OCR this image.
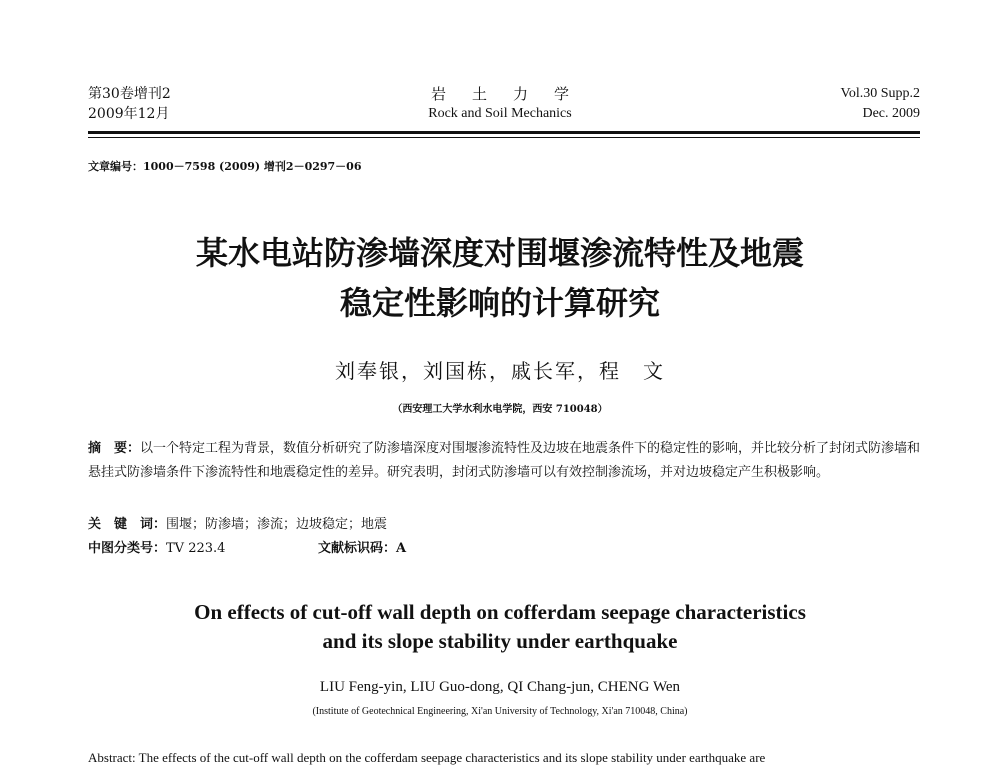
第30卷增刊2
2009年12月
岩土力学
Rock and Soil Mechanics
Vol.30 Supp.2
Dec. 2009
文章编号：1000－7598 (2009) 增刊2－0297－06
某水电站防渗墙深度对围堰渗流特性及地震
稳定性影响的计算研究
刘奉银，刘国栋，戚长军，程　文
（西安理工大学水利水电学院，西安 710048）
摘　要：以一个特定工程为背景，数值分析研究了防渗墙深度对围堰渗流特性及边坡在地震条件下的稳定性的影响，并比较分析了封闭式防渗墙和悬挂式防渗墙条件下渗流特性和地震稳定性的差异。研究表明，封闭式防渗墙可以有效控制渗流场，并对边坡稳定产生积极影响。
关　键　词：围堰；防渗墙；渗流；边坡稳定；地震
中图分类号：TV 223.4	文献标识码：A
On effects of cut-off wall depth on cofferdam seepage characteristics
and its slope stability under earthquake
LIU Feng-yin, LIU Guo-dong, QI Chang-jun, CHENG Wen
(Institute of Geotechnical Engineering, Xi'an University of Technology, Xi'an 710048, China)
Abstract: The effects of the cut-off wall depth on the cofferdam seepage characteristics and its slope stability under earthquake are
